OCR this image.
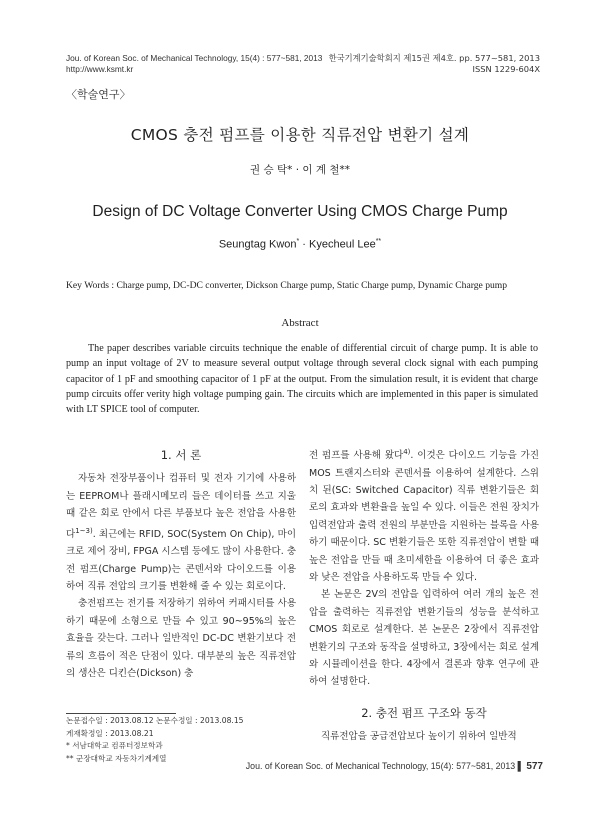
Jou. of Korean Soc. of Mechanical Technology, 15(4) : 577~581, 2013
http://www.ksmt.kr
한국기계기술학회지 제15권 제4호. pp. 577~581, 2013
ISSN 1229-604X
〈학술연구〉
CMOS 충전 펌프를 이용한 직류전압 변환기 설계
권 승 탁* · 이 계 철**
Design of DC Voltage Converter Using CMOS Charge Pump
Seungtag Kwon* · Kyecheul Lee**
Key Words : Charge pump, DC-DC converter, Dickson Charge pump, Static Charge pump, Dynamic Charge pump
Abstract
The paper describes variable circuits technique the enable of differential circuit of charge pump. It is able to pump an input voltage of 2V to measure several output voltage through several clock signal with each pumping capacitor of 1 pF and smoothing capacitor of 1 pF at the output. From the simulation result, it is evident that charge pump circuits offer verity high voltage pumping gain. The circuits which are implemented in this paper is simulated with LT SPICE tool of computer.
1. 서 론

자동차 전장부품이나 컴퓨터 및 전자 기기에 사용하는 EEPROM나 플래시메모리 들은 데이터를 쓰고 지울 때 같은 회로 안에서 다른 부품보다 높은 전압을 사용한다$^{1\sim 3)}$. 최근에는 RFID, SOC(System On Chip), 마이크로 제어 장비, FPGA 시스템 등에도 많이 사용한다. 충전 펌프(Charge Pump)는 콘덴서와 다이오드를 이용하여 직류 전압의 크기를 변환해 줄 수 있는 회로이다.

충전펌프는 전기를 저장하기 위하여 커패시터를 사용하기 때문에 소형으로 만들 수 있고 90~95%의 높은 효율을 갖는다. 그러나 일반적인 DC-DC 변환기보다 전류의 흐름이 적은 단점이 있다. 대부분의 높은 직류전압의 생산은 디킨슨(Dickson) 충

논문접수일 : 2013.08.12 논문수정일 : 2013.08.15
게재확정일 : 2013.08.21
* 서남대학교 컴퓨터정보학과
** 군장대학교 자동차기계계열

전 펌프를 사용해 왔다$^{4)}$. 이것은 다이오드 기능을 가진 MOS 트랜지스터와 콘덴서를 이용하여 설계한다. 스위치 된(SC: Switched Capacitor) 직류 변환기들은 회로의 효과와 변환율을 높일 수 있다. 이들은 전원 장치가 입력전압과 출력 전원의 부분만을 지원하는 블록을 사용하기 때문이다. SC 변환기들은 또한 직류전압이 변할 때 높은 전압을 만들 때 초미세한을 이용하여 더 좋은 효과와 낮은 전압을 사용하도록 만들 수 있다.

본 논문은 2V의 전압을 입력하여 여러 개의 높은 전압을 출력하는 직류전압 변환기들의 성능을 분석하고 CMOS 회로로 설계한다. 본 논문은 2장에서 직류전압 변환기의 구조와 동작을 설명하고, 3장에서는 회로 설계와 시뮬레이션을 한다. 4장에서 결론과 향후 연구에 관하여 설명한다.

2. 충전 펌프 구조와 동작

직류전압을 공급전압보다 높이기 위하여 일반적

Jou. of Korean Soc. of Mechanical Technology, 15(4): 577~581, 2013 ▌ 577
